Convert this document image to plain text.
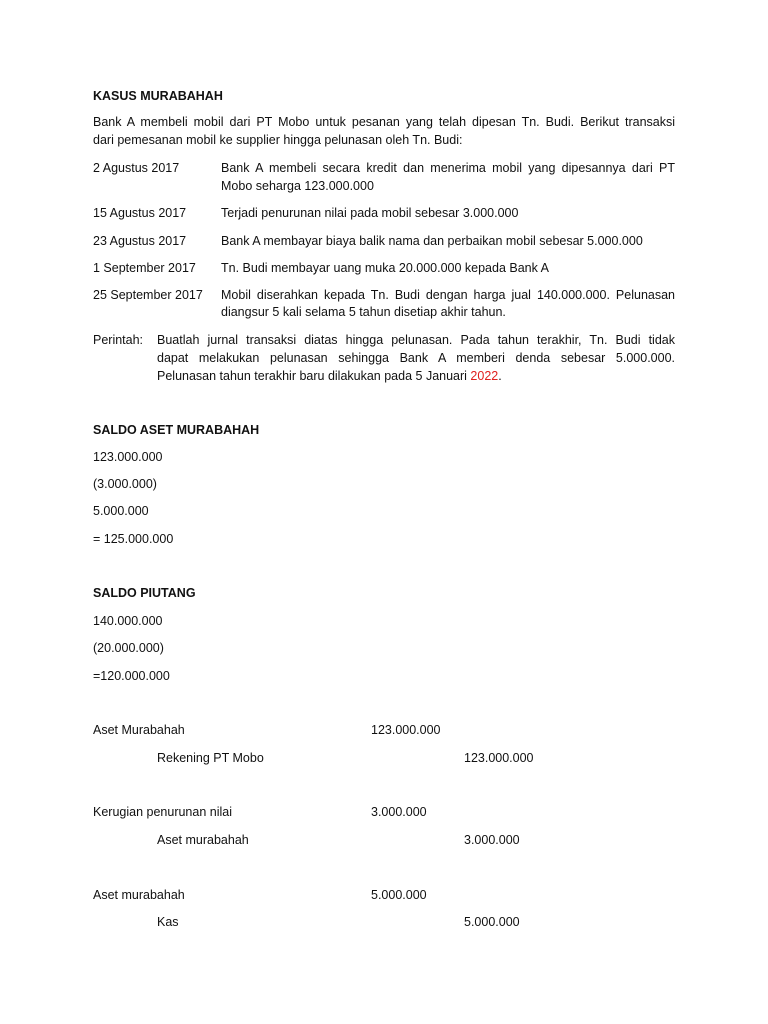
KASUS MURABAHAH
Bank A membeli mobil dari PT Mobo untuk pesanan yang telah dipesan Tn. Budi. Berikut transaksi
dari pemesanan mobil ke supplier hingga pelunasan oleh Tn. Budi:
2 Agustus 2017	Bank A membeli secara kredit dan menerima mobil yang dipesannya dari PT
Mobo seharga 123.000.000
15 Agustus 2017	Terjadi penurunan nilai pada mobil sebesar 3.000.000
23 Agustus 2017	Bank A membayar biaya balik nama dan perbaikan mobil sebesar 5.000.000
1 September 2017 Tn. Budi membayar uang muka 20.000.000 kepada Bank A
25 September 2017 Mobil diserahkan kepada Tn. Budi dengan harga jual 140.000.000. Pelunasan
diangsur 5 kali selama 5 tahun disetiap akhir tahun.
Perintah: Buatlah jurnal transaksi diatas hingga pelunasan. Pada tahun terakhir, Tn. Budi tidak
dapat melakukan pelunasan sehingga Bank A memberi denda sebesar 5.000.000.
Pelunasan tahun terakhir baru dilakukan pada 5 Januari 2022.
SALDO ASET MURABAHAH
123.000.000
(3.000.000)
5.000.000
= 125.000.000
SALDO PIUTANG
140.000.000
(20.000.000)
=120.000.000
Aset Murabahah	123.000.000
Rekening PT Mobo	123.000.000
Kerugian penurunan nilai	3.000.000
Aset murabahah	3.000.000
Aset murabahah	5.000.000
Kas	5.000.000
